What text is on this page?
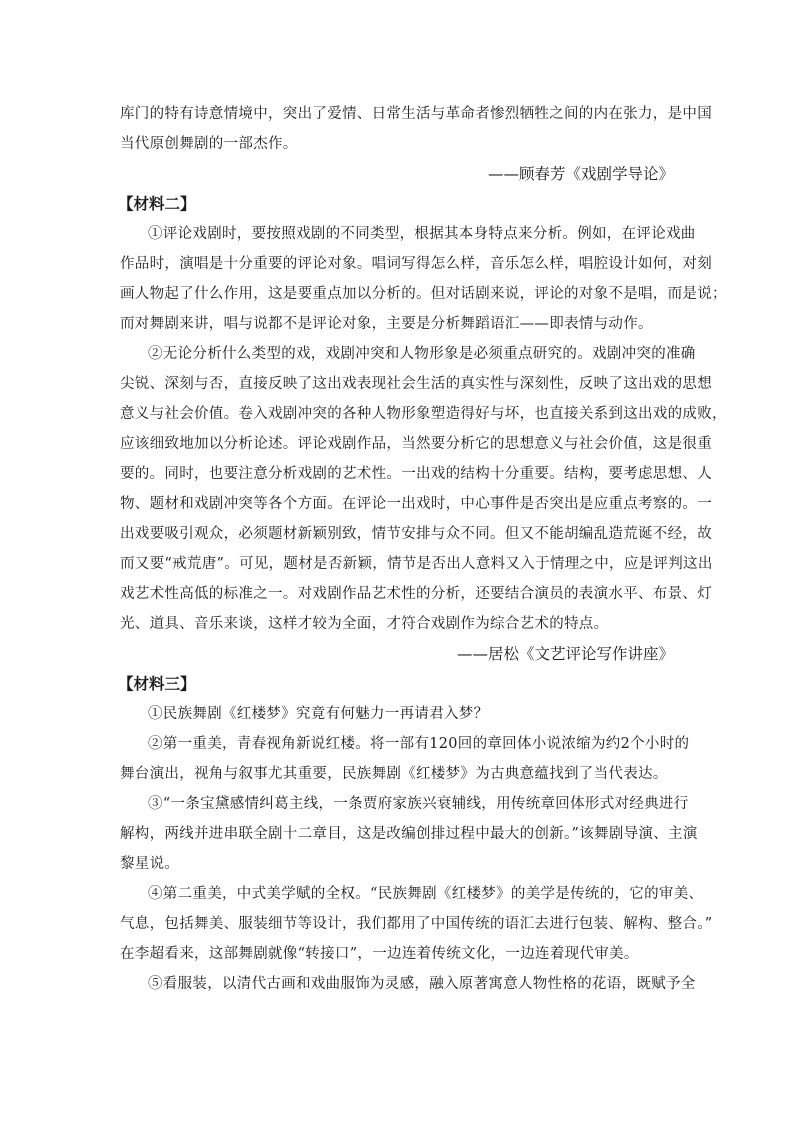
库门的特有诗意情境中，突出了爱情、日常生活与革命者惨烈牺牲之间的内在张力，是中国
当代原创舞剧的一部杰作。
——顾春芳《戏剧学导论》
【材料二】
①评论戏剧时，要按照戏剧的不同类型，根据其本身特点来分析。例如，在评论戏曲
作品时，演唱是十分重要的评论对象。唱词写得怎么样，音乐怎么样，唱腔设计如何，对刻
画人物起了什么作用，这是要重点加以分析的。但对话剧来说，评论的对象不是唱，而是说；
而对舞剧来讲，唱与说都不是评论对象，主要是分析舞蹈语汇——即表情与动作。
②无论分析什么类型的戏，戏剧冲突和人物形象是必须重点研究的。戏剧冲突的准确
尖锐、深刻与否，直接反映了这出戏表现社会生活的真实性与深刻性，反映了这出戏的思想
意义与社会价值。卷入戏剧冲突的各种人物形象塑造得好与坏，也直接关系到这出戏的成败，
应该细致地加以分析论述。评论戏剧作品，当然要分析它的思想意义与社会价值，这是很重
要的。同时，也要注意分析戏剧的艺术性。一出戏的结构十分重要。结构，要考虑思想、人
物、题材和戏剧冲突等各个方面。在评论一出戏时，中心事件是否突出是应重点考察的。一
出戏要吸引观众，必须题材新颖别致，情节安排与众不同。但又不能胡编乱造荒诞不经，故
而又要“戒荒唐”。可见，题材是否新颖，情节是否出人意料又入于情理之中，应是评判这出
戏艺术性高低的标准之一。对戏剧作品艺术性的分析，还要结合演员的表演水平、布景、灯
光、道具、音乐来谈，这样才较为全面，才符合戏剧作为综合艺术的特点。
——居松《文艺评论写作讲座》
【材料三】
①民族舞剧《红楼梦》究竟有何魅力一再请君入梦？
②第一重美，青春视角新说红楼。将一部有120回的章回体小说浓缩为约2个小时的
舞台演出，视角与叙事尤其重要，民族舞剧《红楼梦》为古典意蕴找到了当代表达。
③“一条宝黛感情纠葛主线，一条贾府家族兴衰辅线，用传统章回体形式对经典进行
解构，两线并进串联全剧十二章目，这是改编创排过程中最大的创新。”该舞剧导演、主演
黎星说。
④第二重美，中式美学赋的全权。“民族舞剧《红楼梦》的美学是传统的，它的审美、
气息，包括舞美、服装细节等设计，我们都用了中国传统的语汇去进行包装、解构、整合。”
在李超看来，这部舞剧就像“转接口”，一边连着传统文化，一边连着现代审美。
⑤看服装，以清代古画和戏曲服饰为灵感，融入原著寓意人物性格的花语，既赋予全
